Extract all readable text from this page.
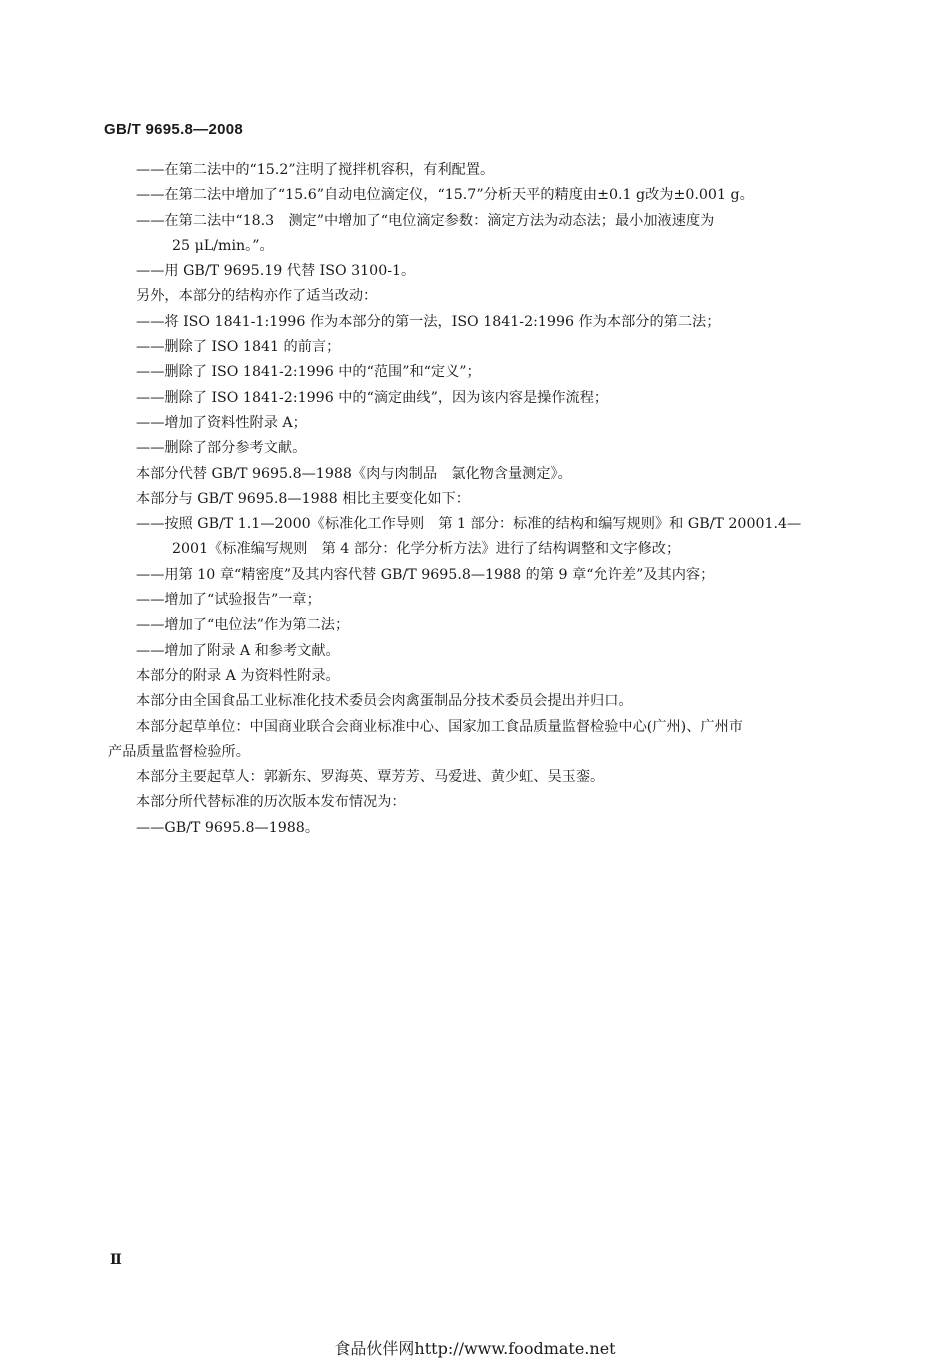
GB/T 9695.8—2008
——在第二法中的“15.2”注明了搅拌机容积，有利配置。
——在第二法中增加了“15.6”自动电位滴定仪，“15.7”分析天平的精度由±0.1 g改为±0.001 g。
——在第二法中“18.3　测定”中增加了“电位滴定参数：滴定方法为动态法；最小加液速度为
25 μL/min。”。
——用 GB/T 9695.19 代替 ISO 3100-1。
另外，本部分的结构亦作了适当改动：
——将 ISO 1841-1:1996 作为本部分的第一法，ISO 1841-2:1996 作为本部分的第二法；
——删除了 ISO 1841 的前言；
——删除了 ISO 1841-2:1996 中的“范围”和“定义”；
——删除了 ISO 1841-2:1996 中的“滴定曲线”，因为该内容是操作流程；
——增加了资料性附录 A；
——删除了部分参考文献。
本部分代替 GB/T 9695.8—1988《肉与肉制品　氯化物含量测定》。
本部分与 GB/T 9695.8—1988 相比主要变化如下：
——按照 GB/T 1.1—2000《标准化工作导则　第 1 部分：标准的结构和编写规则》和 GB/T 20001.4—
2001《标准编写规则　第 4 部分：化学分析方法》进行了结构调整和文字修改；
——用第 10 章“精密度”及其内容代替 GB/T 9695.8—1988 的第 9 章“允许差”及其内容；
——增加了“试验报告”一章；
——增加了“电位法”作为第二法；
——增加了附录 A 和参考文献。
本部分的附录 A 为资料性附录。
本部分由全国食品工业标准化技术委员会肉禽蛋制品分技术委员会提出并归口。
本部分起草单位：中国商业联合会商业标准中心、国家加工食品质量监督检验中心(广州)、广州市
产品质量监督检验所。
本部分主要起草人：郭新东、罗海英、覃芳芳、马爱进、黄少虹、吴玉銮。
本部分所代替标准的历次版本发布情况为：
——GB/T 9695.8—1988。
Ⅱ
食品伙伴网http://www.foodmate.net
